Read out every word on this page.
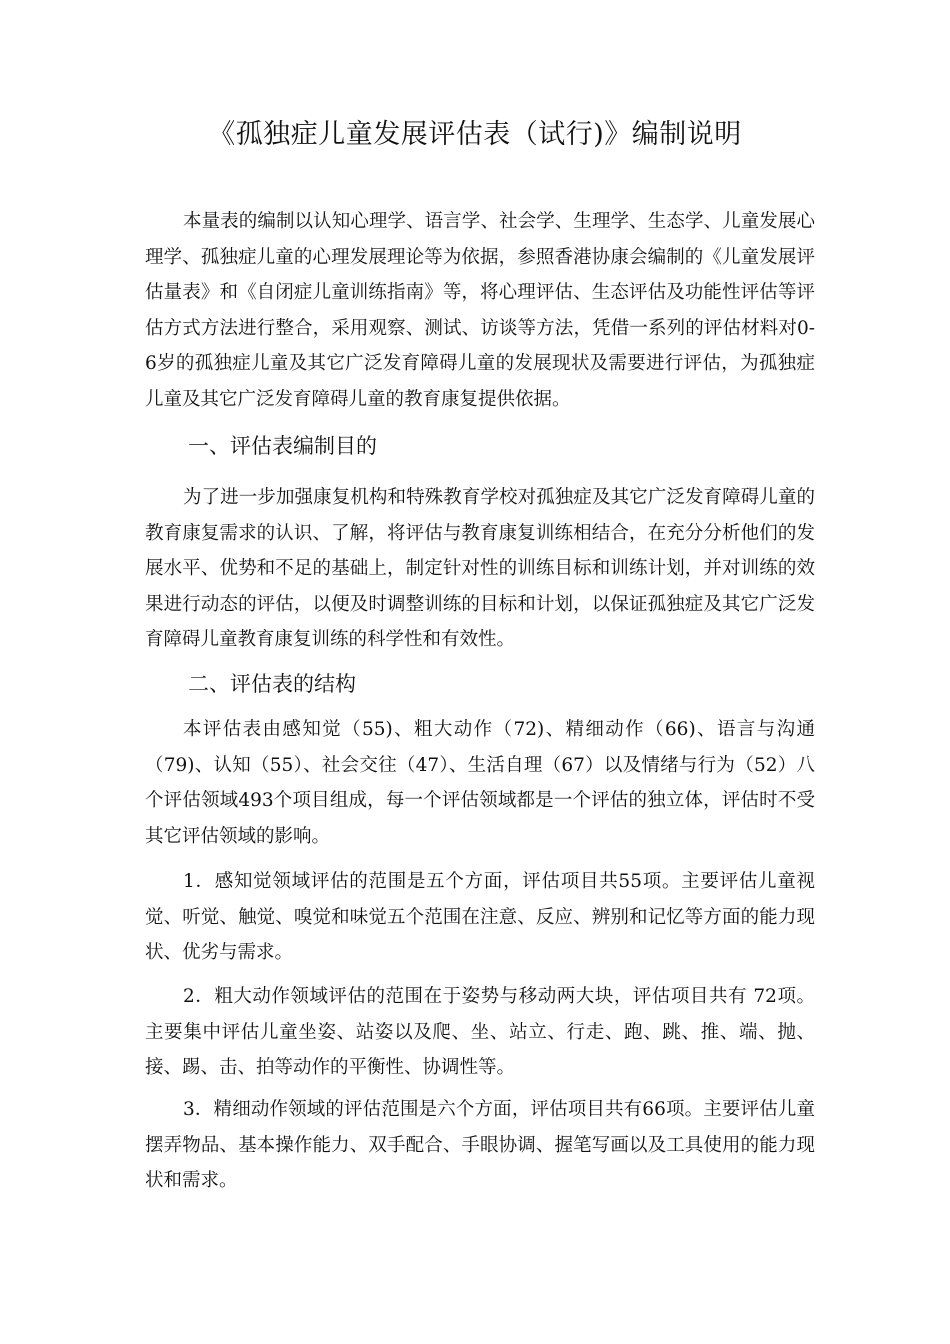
《孤独症儿童发展评估表（试行)》编制说明

本量表的编制以认知心理学、语言学、社会学、生理学、生态学、儿童发展心理学、孤独症儿童的心理发展理论等为依据，参照香港协康会编制的《儿童发展评估量表》和《自闭症儿童训练指南》等，将心理评估、生态评估及功能性评估等评估方式方法进行整合，采用观察、测试、访谈等方法，凭借一系列的评估材料对0-6岁的孤独症儿童及其它广泛发育障碍儿童的发展现状及需要进行评估，为孤独症儿童及其它广泛发育障碍儿童的教育康复提供依据。

一、评估表编制目的

为了进一步加强康复机构和特殊教育学校对孤独症及其它广泛发育障碍儿童的教育康复需求的认识、了解，将评估与教育康复训练相结合，在充分分析他们的发展水平、优势和不足的基础上，制定针对性的训练目标和训练计划，并对训练的效果进行动态的评估，以便及时调整训练的目标和计划，以保证孤独症及其它广泛发育障碍儿童教育康复训练的科学性和有效性。

二、评估表的结构

本评估表由感知觉（55)、粗大动作（72)、精细动作（66)、语言与沟通（79)、认知（55）、社会交往（47）、生活自理（67）以及情绪与行为（52）八个评估领域493个项目组成，每一个评估领域都是一个评估的独立体，评估时不受其它评估领域的影响。

1．感知觉领域评估的范围是五个方面，评估项目共55项。主要评估儿童视觉、听觉、触觉、嗅觉和味觉五个范围在注意、反应、辨别和记忆等方面的能力现状、优劣与需求。

2．粗大动作领域评估的范围在于姿势与移动两大块，评估项目共有 72项。主要集中评估儿童坐姿、站姿以及爬、坐、站立、行走、跑、跳、推、端、抛、接、踢、击、拍等动作的平衡性、协调性等。

3．精细动作领域的评估范围是六个方面，评估项目共有66项。主要评估儿童摆弄物品、基本操作能力、双手配合、手眼协调、握笔写画以及工具使用的能力现状和需求。
